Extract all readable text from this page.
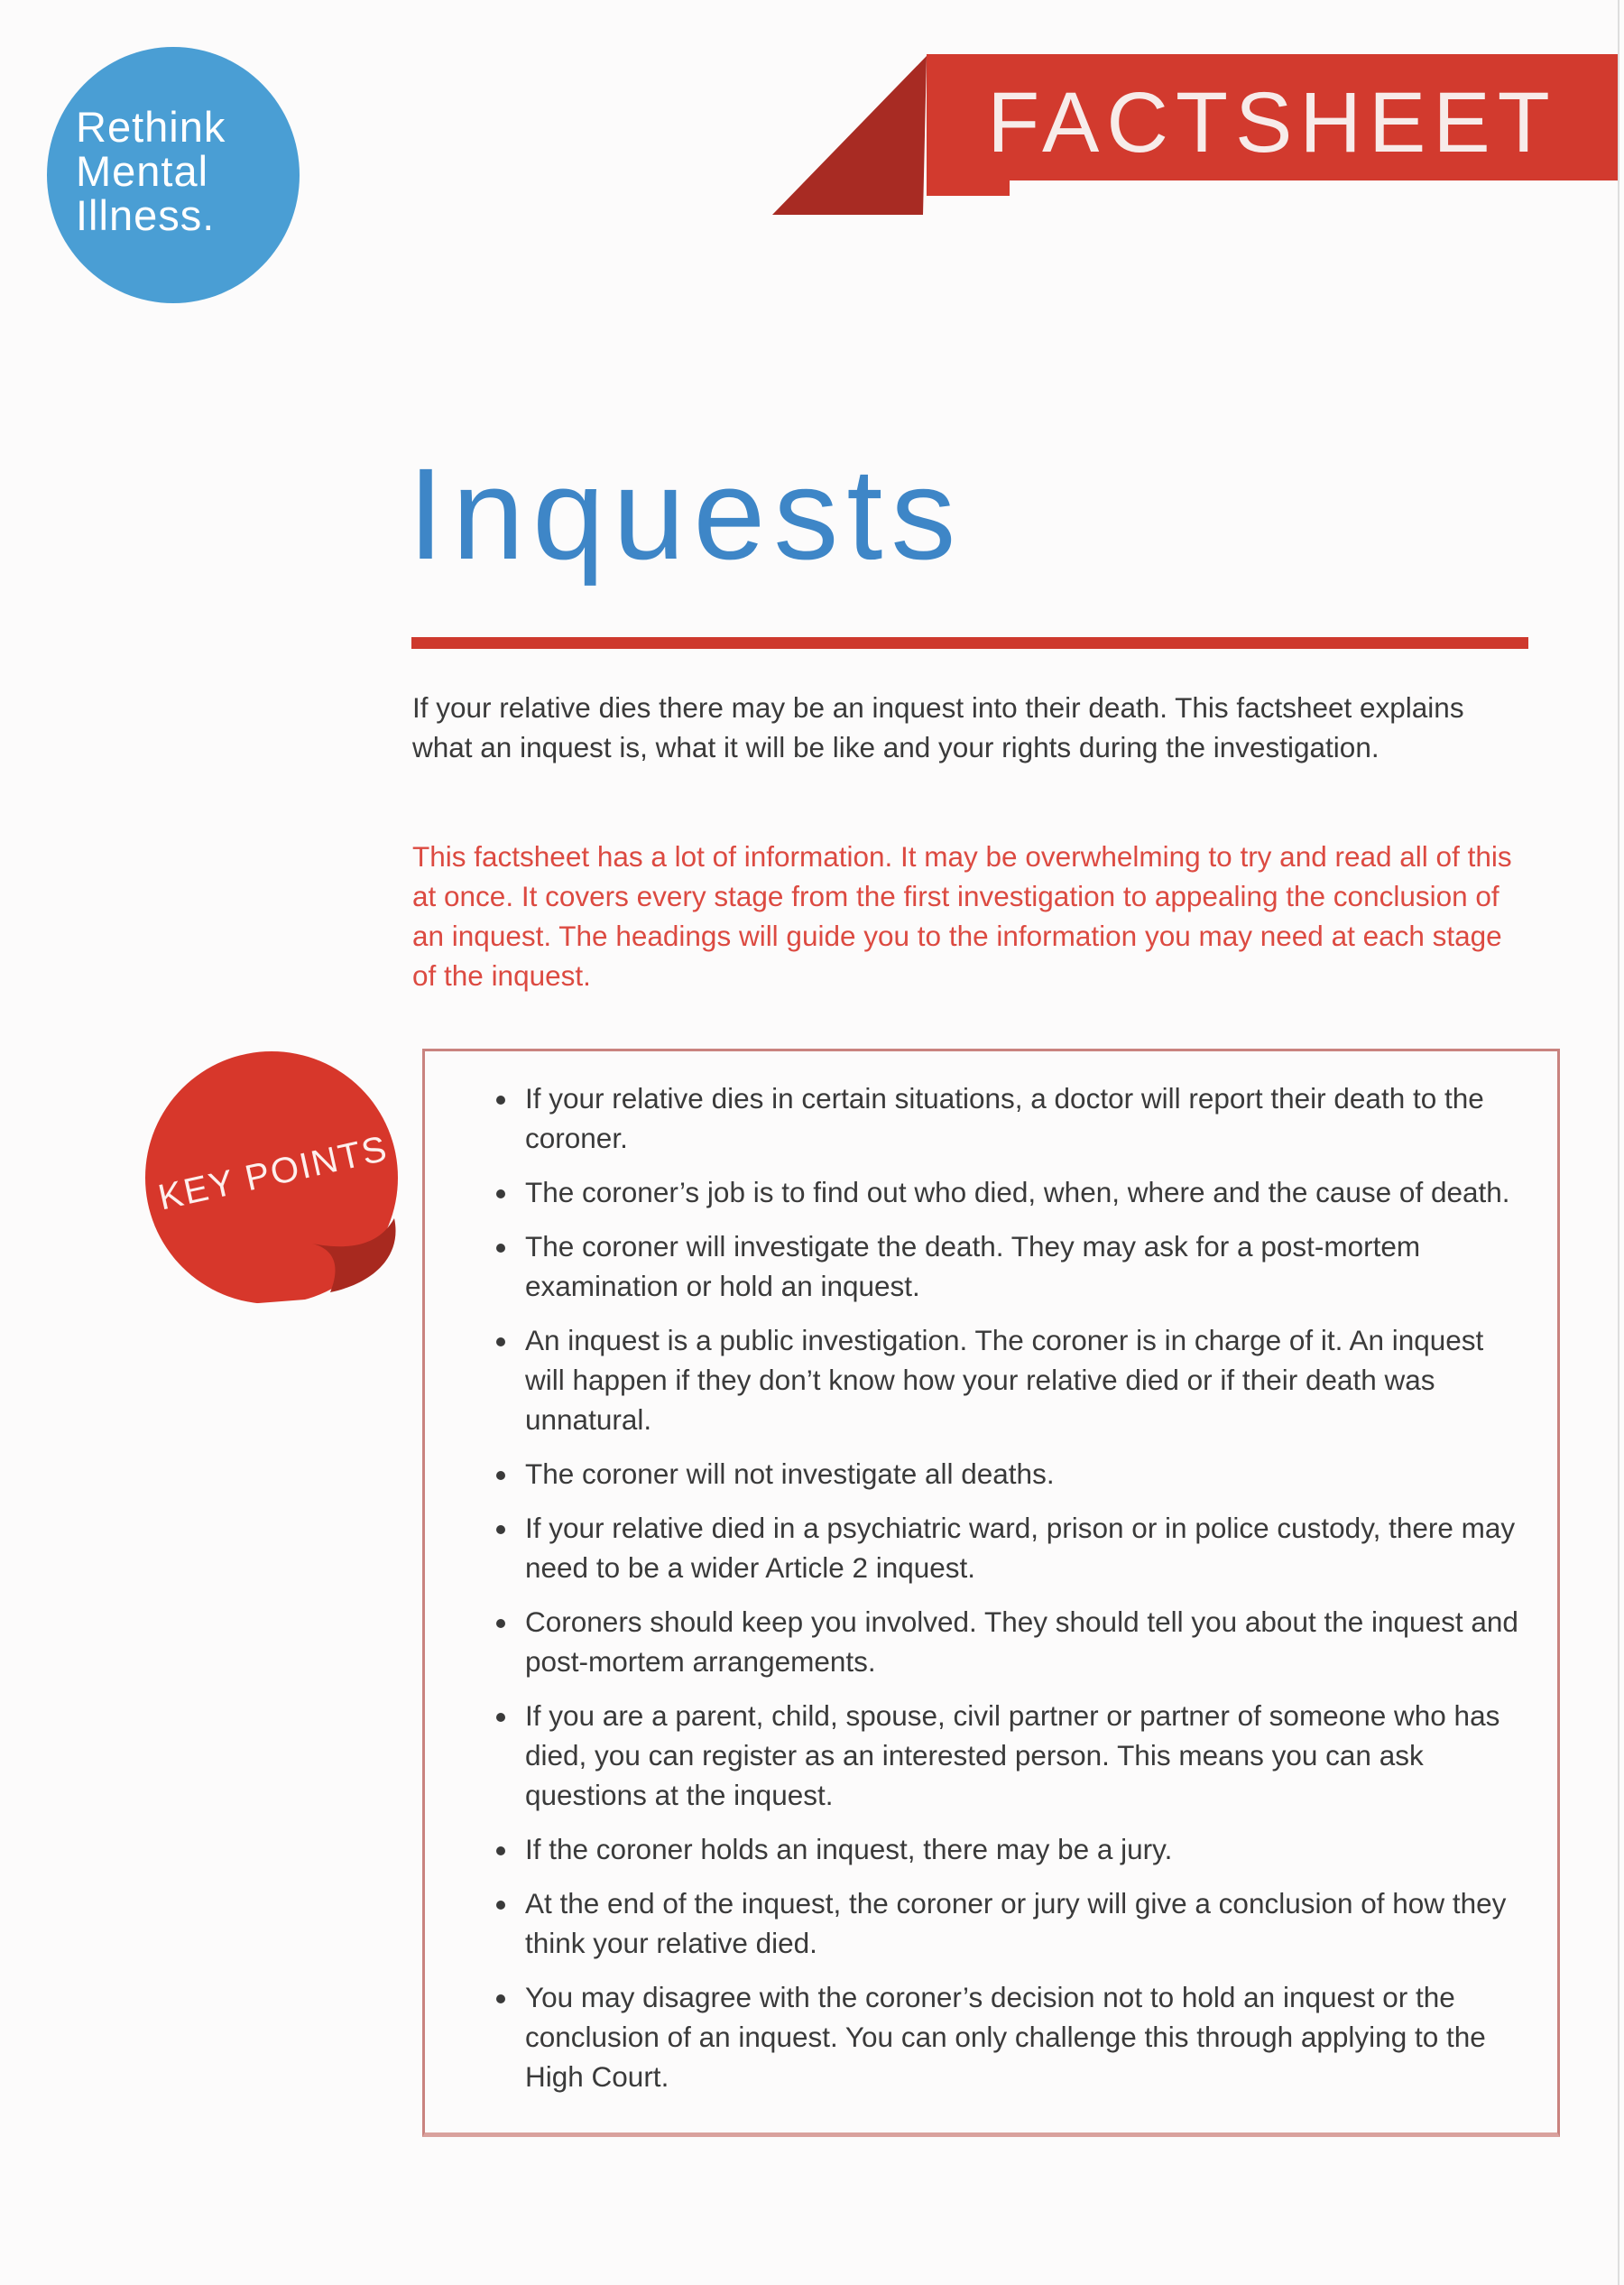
Rethink
Mental
Illness.
FACTSHEET
Inquests
If your relative dies there may be an inquest into their death. This factsheet explains what an inquest is, what it will be like and your rights during the investigation.
This factsheet has a lot of information. It may be overwhelming to try and read all of this at once. It covers every stage from the first investigation to appealing the conclusion of an inquest. The headings will guide you to the information you may need at each stage of the inquest.
• If your relative dies in certain situations, a doctor will report their death to the coroner.
• The coroner’s job is to find out who died, when, where and the cause of death.
• The coroner will investigate the death. They may ask for a post-mortem examination or hold an inquest.
• An inquest is a public investigation. The coroner is in charge of it. An inquest will happen if they don’t know how your relative died or if their death was unnatural.
• The coroner will not investigate all deaths.
• If your relative died in a psychiatric ward, prison or in police custody, there may need to be a wider Article 2 inquest.
• Coroners should keep you involved. They should tell you about the inquest and post-mortem arrangements.
• If you are a parent, child, spouse, civil partner or partner of someone who has died, you can register as an interested person. This means you can ask questions at the inquest.
• If the coroner holds an inquest, there may be a jury.
• At the end of the inquest, the coroner or jury will give a conclusion of how they think your relative died.
• You may disagree with the coroner’s decision not to hold an inquest or the conclusion of an inquest. You can only challenge this through applying to the High Court.
KEY POINTS
